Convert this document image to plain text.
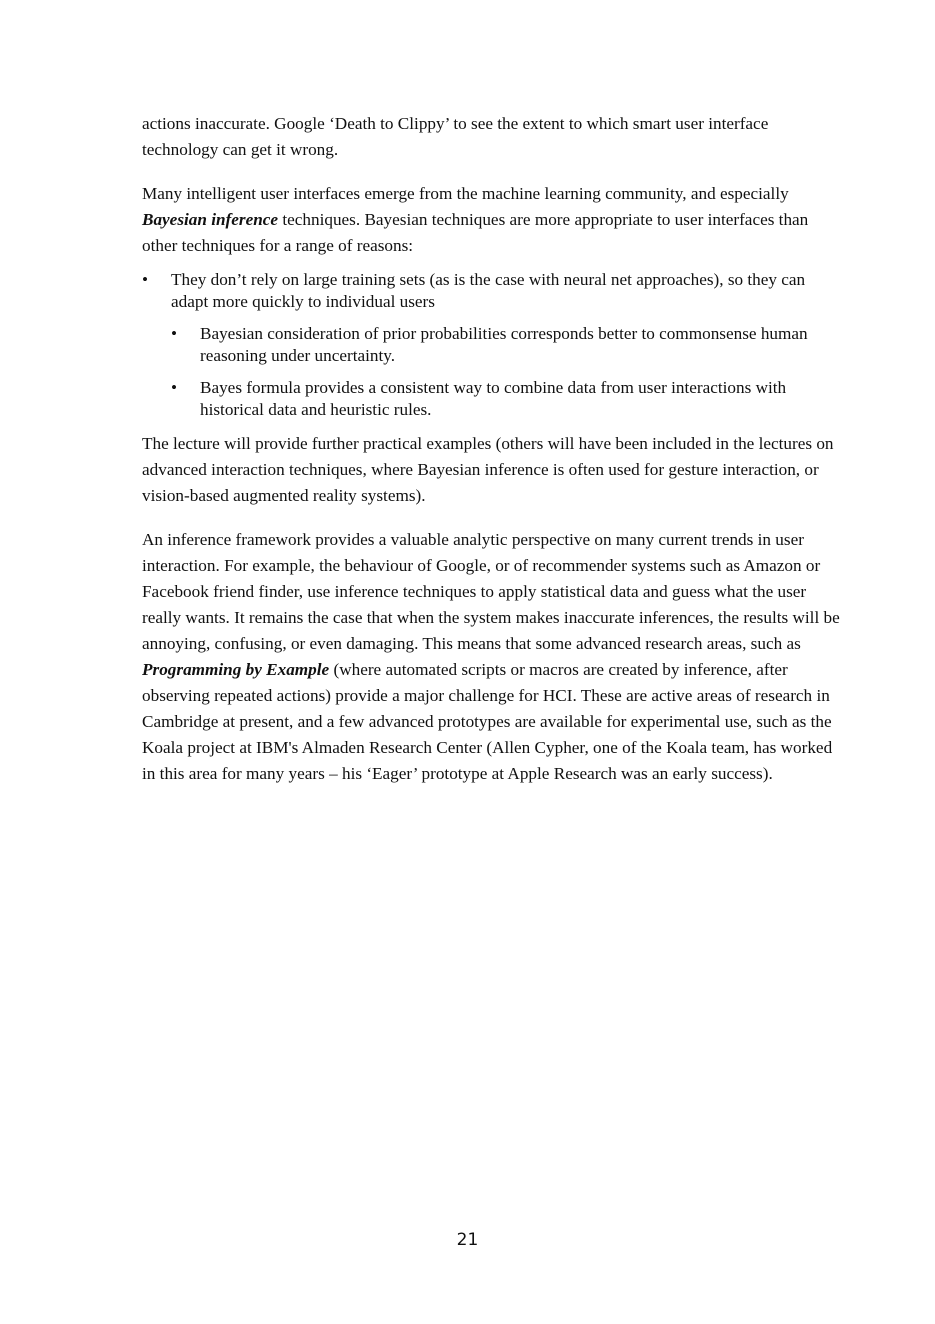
actions inaccurate. Google ‘Death to Clippy’ to see the extent to which smart user interface technology can get it wrong.

Many intelligent user interfaces emerge from the machine learning community, and especially Bayesian inference techniques. Bayesian techniques are more appropriate to user interfaces than other techniques for a range of reasons:

• They don’t rely on large training sets (as is the case with neural net approaches), so they can adapt more quickly to individual users
• Bayesian consideration of prior probabilities corresponds better to commonsense human reasoning under uncertainty.
• Bayes formula provides a consistent way to combine data from user interactions with historical data and heuristic rules.

The lecture will provide further practical examples (others will have been included in the lectures on advanced interaction techniques, where Bayesian inference is often used for gesture interaction, or vision-based augmented reality systems).

An inference framework provides a valuable analytic perspective on many current trends in user interaction. For example, the behaviour of Google, or of recommender systems such as Amazon or Facebook friend finder, use inference techniques to apply statistical data and guess what the user really wants. It remains the case that when the system makes inaccurate inferences, the results will be annoying, confusing, or even damaging. This means that some advanced research areas, such as Programming by Example (where automated scripts or macros are created by inference, after observing repeated actions) provide a major challenge for HCI. These are active areas of research in Cambridge at present, and a few advanced prototypes are available for experimental use, such as the Koala project at IBM's Almaden Research Center (Allen Cypher, one of the Koala team, has worked in this area for many years – his ‘Eager’ prototype at Apple Research was an early success).

21
